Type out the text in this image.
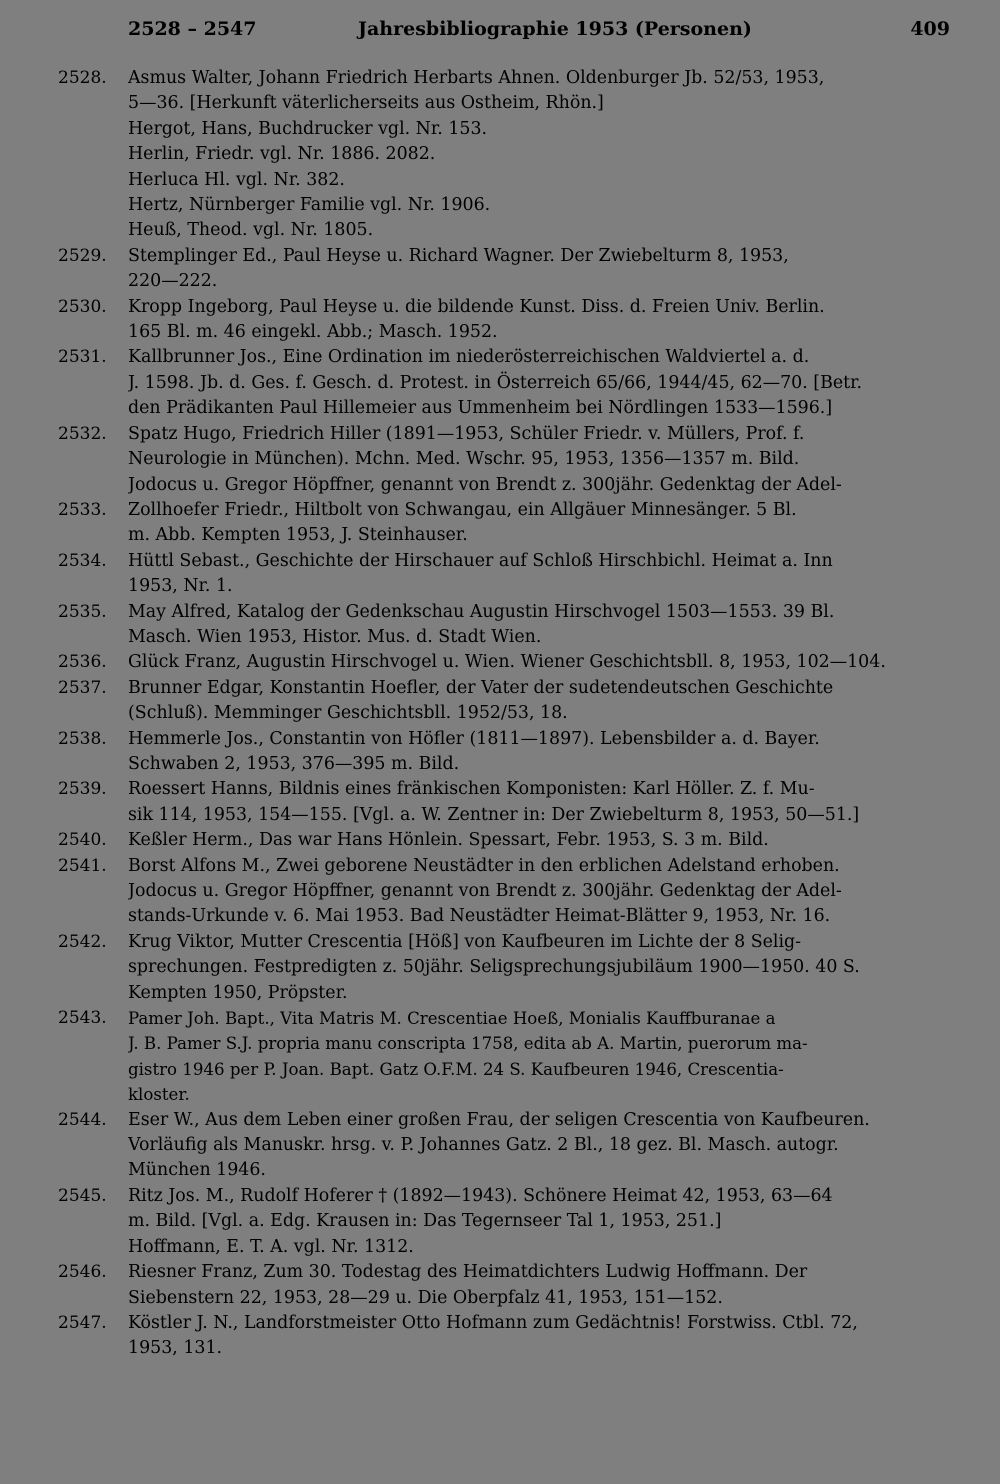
2528 – 2547	Jahresbibliographie 1953 (Personen)	409
2528.	Asmus Walter, Johann Friedrich Herbarts Ahnen. Oldenburger Jb. 52/53, 1953,
5—36. [Herkunft väterlicherseits aus Ostheim, Rhön.]
Hergot, Hans, Buchdrucker vgl. Nr. 153.
Herlin, Friedr. vgl. Nr. 1886. 2082.
Herluca Hl. vgl. Nr. 382.
Hertz, Nürnberger Familie vgl. Nr. 1906.
Heuß, Theod. vgl. Nr. 1805.
2529.	Stemplinger Ed., Paul Heyse u. Richard Wagner. Der Zwiebelturm 8, 1953,
220—222.
2530.	Kropp Ingeborg, Paul Heyse u. die bildende Kunst. Diss. d. Freien Univ. Berlin.
165 Bl. m. 46 eingekl. Abb.; Masch. 1952.
2531.	Kallbrunner Jos., Eine Ordination im niederösterreichischen Waldviertel a. d.
J. 1598. Jb. d. Ges. f. Gesch. d. Protest. in Österreich 65/66, 1944/45, 62—70. [Betr.
den Prädikanten Paul Hillemeier aus Ummenheim bei Nördlingen 1533—1596.]
2532.	Spatz Hugo, Friedrich Hiller (1891—1953, Schüler Friedr. v. Müllers, Prof. f.
Neurologie in München). Mchn. Med. Wschr. 95, 1953, 1356—1357 m. Bild.
Jodocus u. Gregor Höpffner, genannt von Brendt z. 300jähr. Gedenktag der Adel-
2533.	Zollhoefer Friedr., Hiltbolt von Schwangau, ein Allgäuer Minnesänger. 5 Bl.
m. Abb. Kempten 1953, J. Steinhauser.
2534.	Hüttl Sebast., Geschichte der Hirschauer auf Schloß Hirschbichl. Heimat a. Inn
1953, Nr. 1.
2535.	May Alfred, Katalog der Gedenkschau Augustin Hirschvogel 1503—1553. 39 Bl.
Masch. Wien 1953, Histor. Mus. d. Stadt Wien.
2536.	Glück Franz, Augustin Hirschvogel u. Wien. Wiener Geschichtsbll. 8, 1953, 102—104.
2537.	Brunner Edgar, Konstantin Hoefler, der Vater der sudetendeutschen Geschichte
(Schluß). Memminger Geschichtsbll. 1952/53, 18.
2538.	Hemmerle Jos., Constantin von Höfler (1811—1897). Lebensbilder a. d. Bayer.
Schwaben 2, 1953, 376—395 m. Bild.
2539.	Roessert Hanns, Bildnis eines fränkischen Komponisten: Karl Höller. Z. f. Mu-
sik 114, 1953, 154—155. [Vgl. a. W. Zentner in: Der Zwiebelturm 8, 1953, 50—51.]
2540.	Keßler Herm., Das war Hans Hönlein. Spessart, Febr. 1953, S. 3 m. Bild.
2541.	Borst Alfons M., Zwei geborene Neustädter in den erblichen Adelstand erhoben.
Jodocus u. Gregor Höpffner, genannt von Brendt z. 300jähr. Gedenktag der Adel-
stands-Urkunde v. 6. Mai 1953. Bad Neustädter Heimat-Blätter 9, 1953, Nr. 16.
2542.	Krug Viktor, Mutter Crescentia [Höß] von Kaufbeuren im Lichte der 8 Selig-
sprechungen. Festpredigten z. 50jähr. Seligsprechungsjubiläum 1900—1950. 40 S.
Kempten 1950, Pröpster.
2543.	Pamer Joh. Bapt., Vita Matris M. Crescentiae Hoeß, Monialis Kauffburanae a
J. B. Pamer S.J. propria manu conscripta 1758, edita ab A. Martin, puerorum ma-
gistro 1946 per P. Joan. Bapt. Gatz O.F.M. 24 S. Kaufbeuren 1946, Crescentia-
kloster.
2544.	Eser W., Aus dem Leben einer großen Frau, der seligen Crescentia von Kaufbeuren.
Vorläufig als Manuskr. hrsg. v. P. Johannes Gatz. 2 Bl., 18 gez. Bl. Masch. autogr.
München 1946.
2545.	Ritz Jos. M., Rudolf Hoferer † (1892—1943). Schönere Heimat 42, 1953, 63—64
m. Bild. [Vgl. a. Edg. Krausen in: Das Tegernseer Tal 1, 1953, 251.]
Hoffmann, E. T. A. vgl. Nr. 1312.
2546.	Riesner Franz, Zum 30. Todestag des Heimatdichters Ludwig Hoffmann. Der
Siebenstern 22, 1953, 28—29 u. Die Oberpfalz 41, 1953, 151—152.
2547.	Köstler J. N., Landforstmeister Otto Hofmann zum Gedächtnis! Forstwiss. Ctbl. 72,
1953, 131.
